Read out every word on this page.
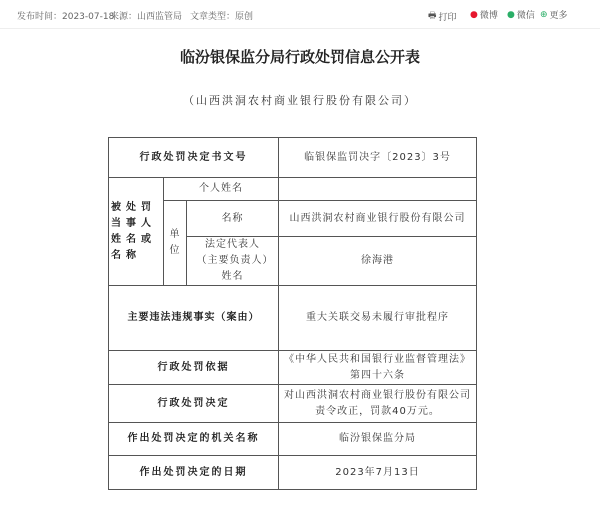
发布时间：2023-07-18
来源：山西监管局 文章类型：原创	🖶 打印 ● 微博 ● 微信 ⊕ 更多
临汾银保监分局行政处罚信息公开表
（山西洪洞农村商业银行股份有限公司）
行政处罚决定书文号			临银保监罚决字〔2023〕3号
被处罚当事人姓名或名称	个人姓名		
	单位	名称	山西洪洞农村商业银行股份有限公司
		法定代表人（主要负责人）姓名	徐海港
主要违法违规事实（案由）			重大关联交易未履行审批程序
行政处罚依据			《中华人民共和国银行业监督管理法》第四十六条
行政处罚决定			对山西洪洞农村商业银行股份有限公司责令改正，罚款40万元。
作出处罚决定的机关名称			临汾银保监分局
作出处罚决定的日期			2023年7月13日
